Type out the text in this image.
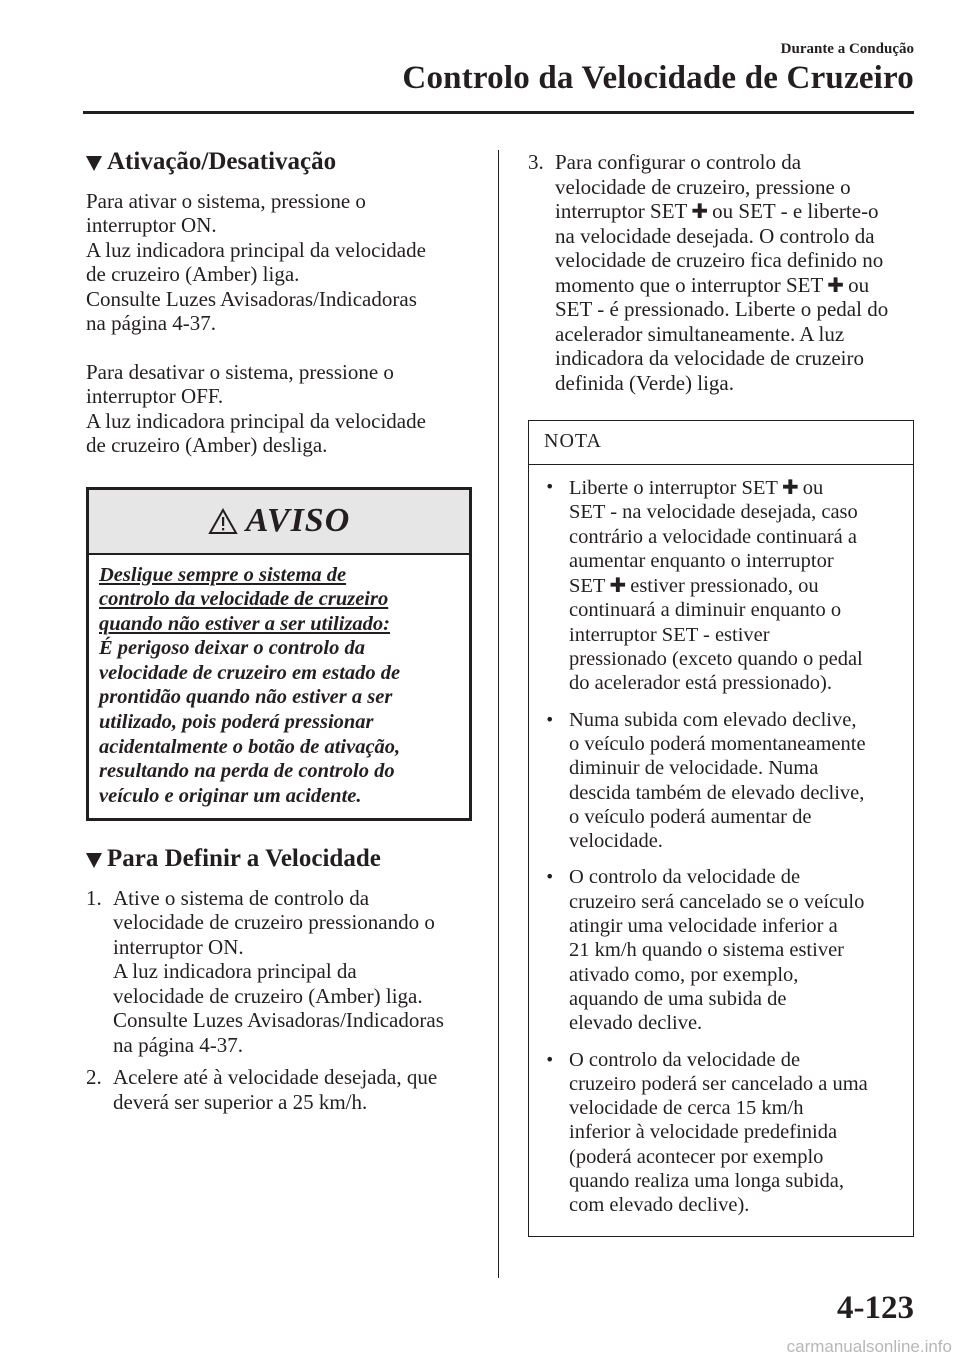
Durante a Condução
Controlo da Velocidade de Cruzeiro
Ativação/Desativação

Para ativar o sistema, pressione o
interruptor ON.
A luz indicadora principal da velocidade
de cruzeiro (Amber) liga.
Consulte Luzes Avisadoras/Indicadoras
na página 4-37.

Para desativar o sistema, pressione o
interruptor OFF.
A luz indicadora principal da velocidade
de cruzeiro (Amber) desliga.

AVISO
Desligue sempre o sistema de
controlo da velocidade de cruzeiro
quando não estiver a ser utilizado:
É perigoso deixar o controlo da
velocidade de cruzeiro em estado de
prontidão quando não estiver a ser
utilizado, pois poderá pressionar
acidentalmente o botão de ativação,
resultando na perda de controlo do
veículo e originar um acidente.
Para Definir a Velocidade
1. Ative o sistema de controlo da
velocidade de cruzeiro pressionando o
interruptor ON.
A luz indicadora principal da
velocidade de cruzeiro (Amber) liga.
Consulte Luzes Avisadoras/Indicadoras
na página 4-37.
2. Acelere até à velocidade desejada, que
deverá ser superior a 25 km/h.
3. Para configurar o controlo da
velocidade de cruzeiro, pressione o
interruptor SET ✚ ou SET - e liberte-o
na velocidade desejada. O controlo da
velocidade de cruzeiro fica definido no
momento que o interruptor SET ✚ ou
SET - é pressionado. Liberte o pedal do
acelerador simultaneamente. A luz
indicadora da velocidade de cruzeiro
definida (Verde) liga.
NOTA
• Liberte o interruptor SET ✚ ou
SET - na velocidade desejada, caso
contrário a velocidade continuará a
aumentar enquanto o interruptor
SET ✚ estiver pressionado, ou
continuará a diminuir enquanto o
interruptor SET - estiver
pressionado (exceto quando o pedal
do acelerador está pressionado).
• Numa subida com elevado declive,
o veículo poderá momentaneamente
diminuir de velocidade. Numa
descida também de elevado declive,
o veículo poderá aumentar de
velocidade.
• O controlo da velocidade de
cruzeiro será cancelado se o veículo
atingir uma velocidade inferior a
21 km/h quando o sistema estiver
ativado como, por exemplo,
aquando de uma subida de
elevado declive.
• O controlo da velocidade de
cruzeiro poderá ser cancelado a uma
velocidade de cerca 15 km/h
inferior à velocidade predefinida
(poderá acontecer por exemplo
quando realiza uma longa subida,
com elevado declive).
4-123
carmanualsonline.info
